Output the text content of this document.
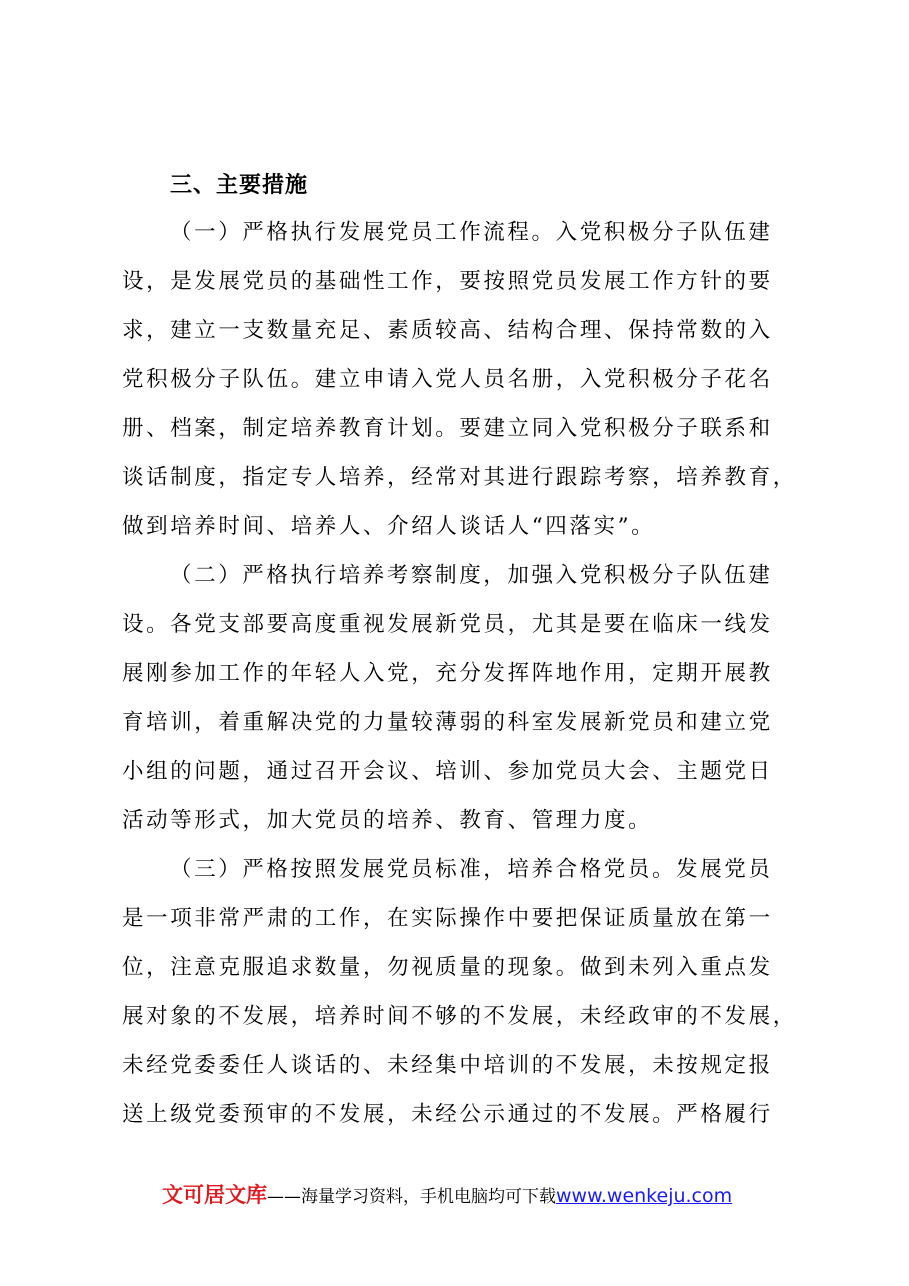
三、主要措施
（一）严格执行发展党员工作流程。入党积极分子队伍建
设，是发展党员的基础性工作，要按照党员发展工作方针的要
求，建立一支数量充足、素质较高、结构合理、保持常数的入
党积极分子队伍。建立申请入党人员名册，入党积极分子花名
册、档案，制定培养教育计划。要建立同入党积极分子联系和
谈话制度，指定专人培养，经常对其进行跟踪考察，培养教育，
做到培养时间、培养人、介绍人谈话人“四落实”。
（二）严格执行培养考察制度，加强入党积极分子队伍建
设。各党支部要高度重视发展新党员，尤其是要在临床一线发
展刚参加工作的年轻人入党，充分发挥阵地作用，定期开展教
育培训，着重解决党的力量较薄弱的科室发展新党员和建立党
小组的问题，通过召开会议、培训、参加党员大会、主题党日
活动等形式，加大党员的培养、教育、管理力度。
（三）严格按照发展党员标准，培养合格党员。发展党员
是一项非常严肃的工作，在实际操作中要把保证质量放在第一
位，注意克服追求数量，勿视质量的现象。做到未列入重点发
展对象的不发展，培养时间不够的不发展，未经政审的不发展，
未经党委委任人谈话的、未经集中培训的不发展，未按规定报
送上级党委预审的不发展，未经公示通过的不发展。严格履行
文可居文库——海量学习资料，手机电脑均可下载www.wenkeju.com
